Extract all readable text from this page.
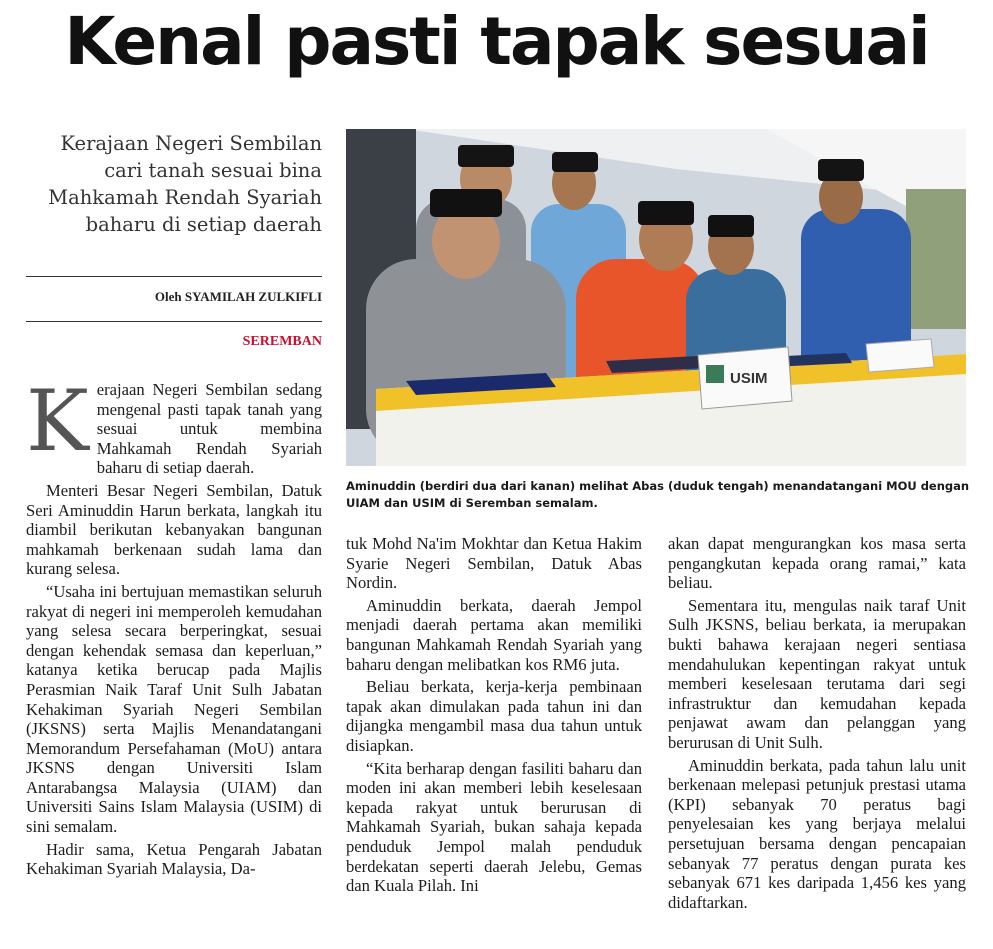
Kenal pasti tapak sesuai
Kerajaan Negeri Sembilan cari tanah sesuai bina Mahkamah Rendah Syariah baharu di setiap daerah
Oleh SYAMILAH ZULKIFLI
SEREMBAN
USIM
Aminuddin (berdiri dua dari kanan) melihat Abas (duduk tengah) menandatangani MOU dengan UIAM dan USIM di Seremban semalam.
K erajaan Negeri Sembilan sedang mengenal pasti tapak tanah yang sesuai untuk membina Mahkamah Rendah Syariah baharu di setiap daerah.

Menteri Besar Negeri Sembilan, Datuk Seri Aminuddin Harun berkata, langkah itu diambil berikutan kebanyakan bangunan mahkamah berkenaan sudah lama dan kurang selesa.

“Usaha ini bertujuan memastikan seluruh rakyat di negeri ini memperoleh kemudahan yang selesa secara berperingkat, sesuai dengan kehendak semasa dan keperluan,” katanya ketika berucap pada Majlis Perasmian Naik Taraf Unit Sulh Jabatan Kehakiman Syariah Negeri Sembilan (JKSNS) serta Majlis Menandatangani Memorandum Persefahaman (MoU) antara JKSNS dengan Universiti Islam Antarabangsa Malaysia (UIAM) dan Universiti Sains Islam Malaysia (USIM) di sini semalam.

Hadir sama, Ketua Pengarah Jabatan Kehakiman Syariah Malaysia, Da-

tuk Mohd Na'im Mokhtar dan Ketua Hakim Syarie Negeri Sembilan, Datuk Abas Nordin.

Aminuddin berkata, daerah Jempol menjadi daerah pertama akan memiliki bangunan Mahkamah Rendah Syariah yang baharu dengan melibatkan kos RM6 juta.

Beliau berkata, kerja-kerja pembinaan tapak akan dimulakan pada tahun ini dan dijangka mengambil masa dua tahun untuk disiapkan.

“Kita berharap dengan fasiliti baharu dan moden ini akan memberi lebih keselesaan kepada rakyat untuk berurusan di Mahkamah Syariah, bukan sahaja kepada penduduk Jempol malah penduduk berdekatan seperti daerah Jelebu, Gemas dan Kuala Pilah. Ini

akan dapat mengurangkan kos masa serta pengangkutan kepada orang ramai,” kata beliau.

Sementara itu, mengulas naik taraf Unit Sulh JKSNS, beliau berkata, ia merupakan bukti bahawa kerajaan negeri sentiasa mendahulukan kepentingan rakyat untuk memberi keselesaan terutama dari segi infrastruktur dan kemudahan kepada penjawat awam dan pelanggan yang berurusan di Unit Sulh.

Aminuddin berkata, pada tahun lalu unit berkenaan melepasi petunjuk prestasi utama (KPI) sebanyak 70 peratus bagi penyelesaian kes yang berjaya melalui persetujuan bersama dengan pencapaian sebanyak 77 peratus dengan purata kes sebanyak 671 kes daripada 1,456 kes yang didaftarkan.
